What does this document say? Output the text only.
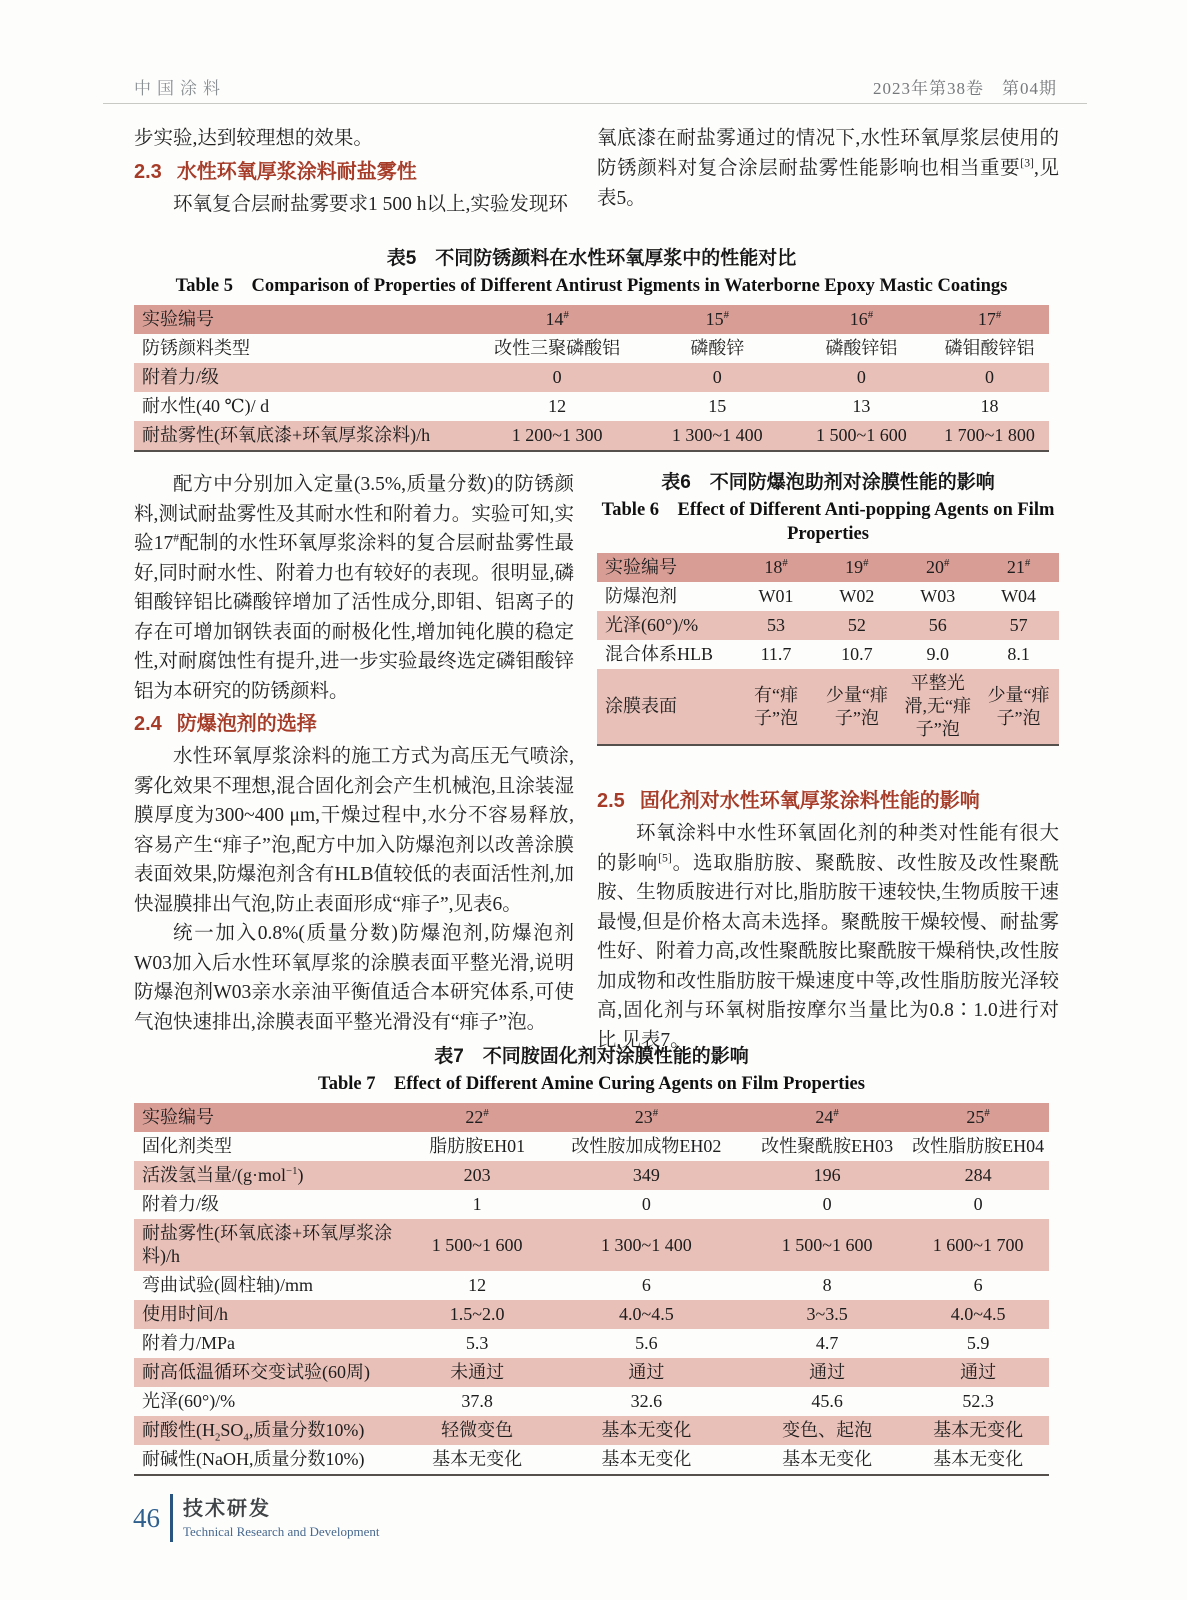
中国涂料	2023年第38卷　第04期

步实验,达到较理想的效果。

2.3 水性环氧厚浆涂料耐盐雾性

环氧复合层耐盐雾要求1 500 h以上,实验发现环

氧底漆在耐盐雾通过的情况下,水性环氧厚浆层使用的防锈颜料对复合涂层耐盐雾性能影响也相当重要[3],见表5。

表5　不同防锈颜料在水性环氧厚浆中的性能对比
Table 5　Comparison of Properties of Different Antirust Pigments in Waterborne Epoxy Mastic Coatings
实验编号	14#	15#	16#	17#
防锈颜料类型	改性三聚磷酸铝	磷酸锌	磷酸锌铝	磷钼酸锌铝
附着力/级	0	0	0	0
耐水性(40 ℃)/ d	12	15	13	18
耐盐雾性(环氧底漆+环氧厚浆涂料)/h	1 200~1 300	1 300~1 400	1 500~1 600	1 700~1 800

配方中分别加入定量(3.5%,质量分数)的防锈颜料,测试耐盐雾性及其耐水性和附着力。实验可知,实验17#配制的水性环氧厚浆涂料的复合层耐盐雾性最好,同时耐水性、附着力也有较好的表现。很明显,磷钼酸锌铝比磷酸锌增加了活性成分,即钼、铝离子的存在可增加钢铁表面的耐极化性,增加钝化膜的稳定性,对耐腐蚀性有提升,进一步实验最终选定磷钼酸锌铝为本研究的防锈颜料。

2.4 防爆泡剂的选择

水性环氧厚浆涂料的施工方式为高压无气喷涂,雾化效果不理想,混合固化剂会产生机械泡,且涂装湿膜厚度为300~400 μm,干燥过程中,水分不容易释放,容易产生“痱子”泡,配方中加入防爆泡剂以改善涂膜表面效果,防爆泡剂含有HLB值较低的表面活性剂,加快湿膜排出气泡,防止表面形成“痱子”,见表6。

统一加入0.8%(质量分数)防爆泡剂,防爆泡剂W03加入后水性环氧厚浆的涂膜表面平整光滑,说明防爆泡剂W03亲水亲油平衡值适合本研究体系,可使气泡快速排出,涂膜表面平整光滑没有“痱子”泡。

表6　不同防爆泡助剂对涂膜性能的影响
Table 6　Effect of Different Anti-popping Agents on Film Properties
实验编号	18#	19#	20#	21#
防爆泡剂	W01	W02	W03	W04
光泽(60°)/%	53	52	56	57
混合体系HLB	11.7	10.7	9.0	8.1
涂膜表面	有“痱子”泡	少量“痱子”泡	平整光滑,无“痱子”泡	少量“痱子”泡
2.5 固化剂对水性环氧厚浆涂料性能的影响

环氧涂料中水性环氧固化剂的种类对性能有很大的影响[5]。选取脂肪胺、聚酰胺、改性胺及改性聚酰胺、生物质胺进行对比,脂肪胺干速较快,生物质胺干速最慢,但是价格太高未选择。聚酰胺干燥较慢、耐盐雾性好、附着力高,改性聚酰胺比聚酰胺干燥稍快,改性胺加成物和改性脂肪胺干燥速度中等,改性脂肪胺光泽较高,固化剂与环氧树脂按摩尔当量比为0.8∶1.0进行对比,见表7。

表7　不同胺固化剂对涂膜性能的影响
Table 7　Effect of Different Amine Curing Agents on Film Properties
实验编号	22#	23#	24#	25#
固化剂类型	脂肪胺EH01	改性胺加成物EH02	改性聚酰胺EH03	改性脂肪胺EH04
活泼氢当量/(g·mol$^{-1}$)	203	349	196	284
附着力/级	1	0	0	0
耐盐雾性(环氧底漆+环氧厚浆涂料)/h	1 500~1 600	1 300~1 400	1 500~1 600	1 600~1 700
弯曲试验(圆柱轴)/mm	12	6	8	6
使用时间/h	1.5~2.0	4.0~4.5	3~3.5	4.0~4.5
附着力/MPa	5.3	5.6	4.7	5.9
耐高低温循环交变试验(60周)	未通过	通过	通过	通过
光泽(60°)/%	37.8	32.6	45.6	52.3
耐酸性($H_2SO_4$,质量分数10%)	轻微变色	基本无变化	变色、起泡	基本无变化
耐碱性(NaOH,质量分数10%)	基本无变化	基本无变化	基本无变化	基本无变化
46 技术研发
Technical Research and Development
